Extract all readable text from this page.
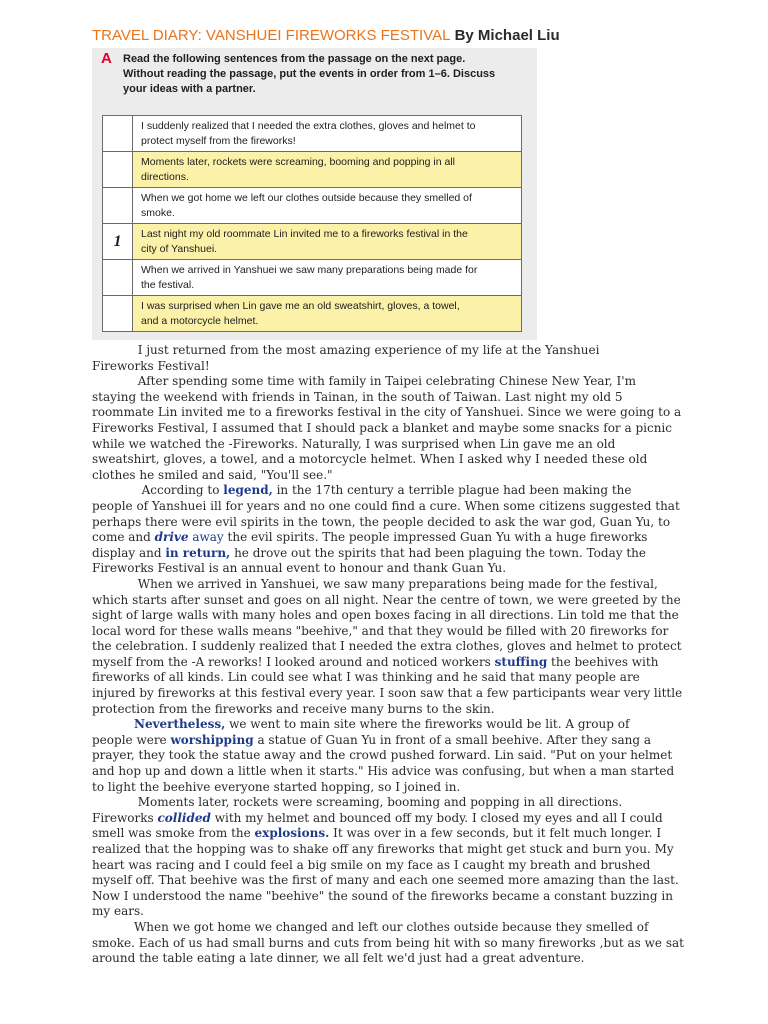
TRAVEL DIARY: VANSHUEI FIREWORKS FESTIVAL By Michael Liu
A Read the following sentences from the passage on the next page.
Without reading the passage, put the events in order from 1–6. Discuss
your ideas with a partner.

	I suddenly realized that I needed the extra clothes, gloves and helmet to
protect myself from the fireworks!

	Moments later, rockets were screaming, booming and popping in all
directions.

	When we got home we left our clothes outside because they smelled of
smoke.

1	Last night my old roommate Lin invited me to a fireworks festival in the
city of Yanshuei.

	When we arrived in Yanshuei we saw many preparations being made for
the festival.

	I was surprised when Lin gave me an old sweatshirt, gloves, a towel,
and a motorcycle helmet.
I just returned from the most amazing experience of my life at the Yanshuei
Fireworks Festival!
After spending some time with family in Taipei celebrating Chinese New Year, I'm
staying the weekend with friends in Tainan, in the south of Taiwan. Last night my old 5
roommate Lin invited me to a fireworks festival in the city of Yanshuei. Since we were going to a
Fireworks Festival, I assumed that I should pack a blanket and maybe some snacks for a picnic
while we watched the -Fireworks. Naturally, I was surprised when Lin gave me an old
sweatshirt, gloves, a towel, and a motorcycle helmet. When I asked why I needed these old
clothes he smiled and said, "You'll see."
According to legend, in the 17th century a terrible plague had been making the
people of Yanshuei ill for years and no one could find a cure. When some citizens suggested that
perhaps there were evil spirits in the town, the people decided to ask the war god, Guan Yu, to
come and drive away the evil spirits. The people impressed Guan Yu with a huge fireworks
display and in return, he drove out the spirits that had been plaguing the town. Today the
Fireworks Festival is an annual event to honour and thank Guan Yu.
When we arrived in Yanshuei, we saw many preparations being made for the festival,
which starts after sunset and goes on all night. Near the centre of town, we were greeted by the
sight of large walls with many holes and open boxes facing in all directions. Lin told me that the
local word for these walls means "beehive," and that they would be filled with 20 fireworks for
the celebration. I suddenly realized that I needed the extra clothes, gloves and helmet to protect
myself from the -A reworks! I looked around and noticed workers stuffing the beehives with
fireworks of all kinds. Lin could see what I was thinking and he said that many people are
injured by fireworks at this festival every year. I soon saw that a few participants wear very little
protection from the fireworks and receive many burns to the skin.
Nevertheless, we went to main site where the fireworks would be lit. A group of
people were worshipping a statue of Guan Yu in front of a small beehive. After they sang a
prayer, they took the statue away and the crowd pushed forward. Lin said. "Put on your helmet
and hop up and down a little when it starts." His advice was confusing, but when a man started
to light the beehive everyone started hopping, so I joined in.
Moments later, rockets were screaming, booming and popping in all directions.
Fireworks collided with my helmet and bounced off my body. I closed my eyes and all I could
smell was smoke from the explosions. It was over in a few seconds, but it felt much longer. I
realized that the hopping was to shake off any fireworks that might get stuck and burn you. My
heart was racing and I could feel a big smile on my face as I caught my breath and brushed
myself off. That beehive was the first of many and each one seemed more amazing than the last.
Now I understood the name "beehive" the sound of the fireworks became a constant buzzing in
my ears.
When we got home we changed and left our clothes outside because they smelled of
smoke. Each of us had small burns and cuts from being hit with so many fireworks ,but as we sat
around the table eating a late dinner, we all felt we'd just had a great adventure.
